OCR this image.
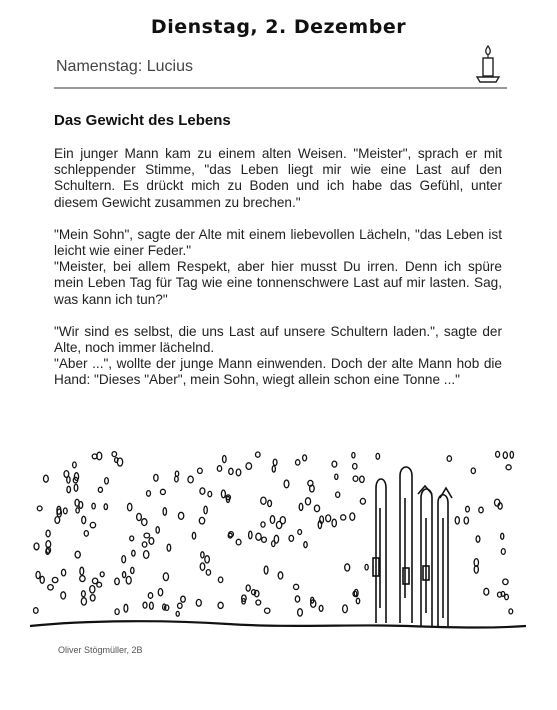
Dienstag, 2. Dezember
Namenstag: Lucius
Das Gewicht des Lebens

Ein junger Mann kam zu einem alten Weisen. "Meister", sprach er mit schleppender Stimme, "das Leben liegt mir wie eine Last auf den Schultern. Es drückt mich zu Boden und ich habe das Gefühl, unter diesem Gewicht zusammen zu brechen."

"Mein Sohn", sagte der Alte mit einem liebevollen Lächeln, "das Leben ist leicht wie einer Feder."

"Meister, bei allem Respekt, aber hier musst Du irren. Denn ich spüre mein Leben Tag für Tag wie eine tonnenschwere Last auf mir lasten. Sag, was kann ich tun?"

"Wir sind es selbst, die uns Last auf unsere Schultern laden.", sagte der Alte, noch immer lächelnd.

"Aber ...", wollte der junge Mann einwenden. Doch der alte Mann hob die Hand: "Dieses "Aber", mein Sohn, wiegt allein schon eine Tonne ..."

Oliver Stögmüller, 2B
